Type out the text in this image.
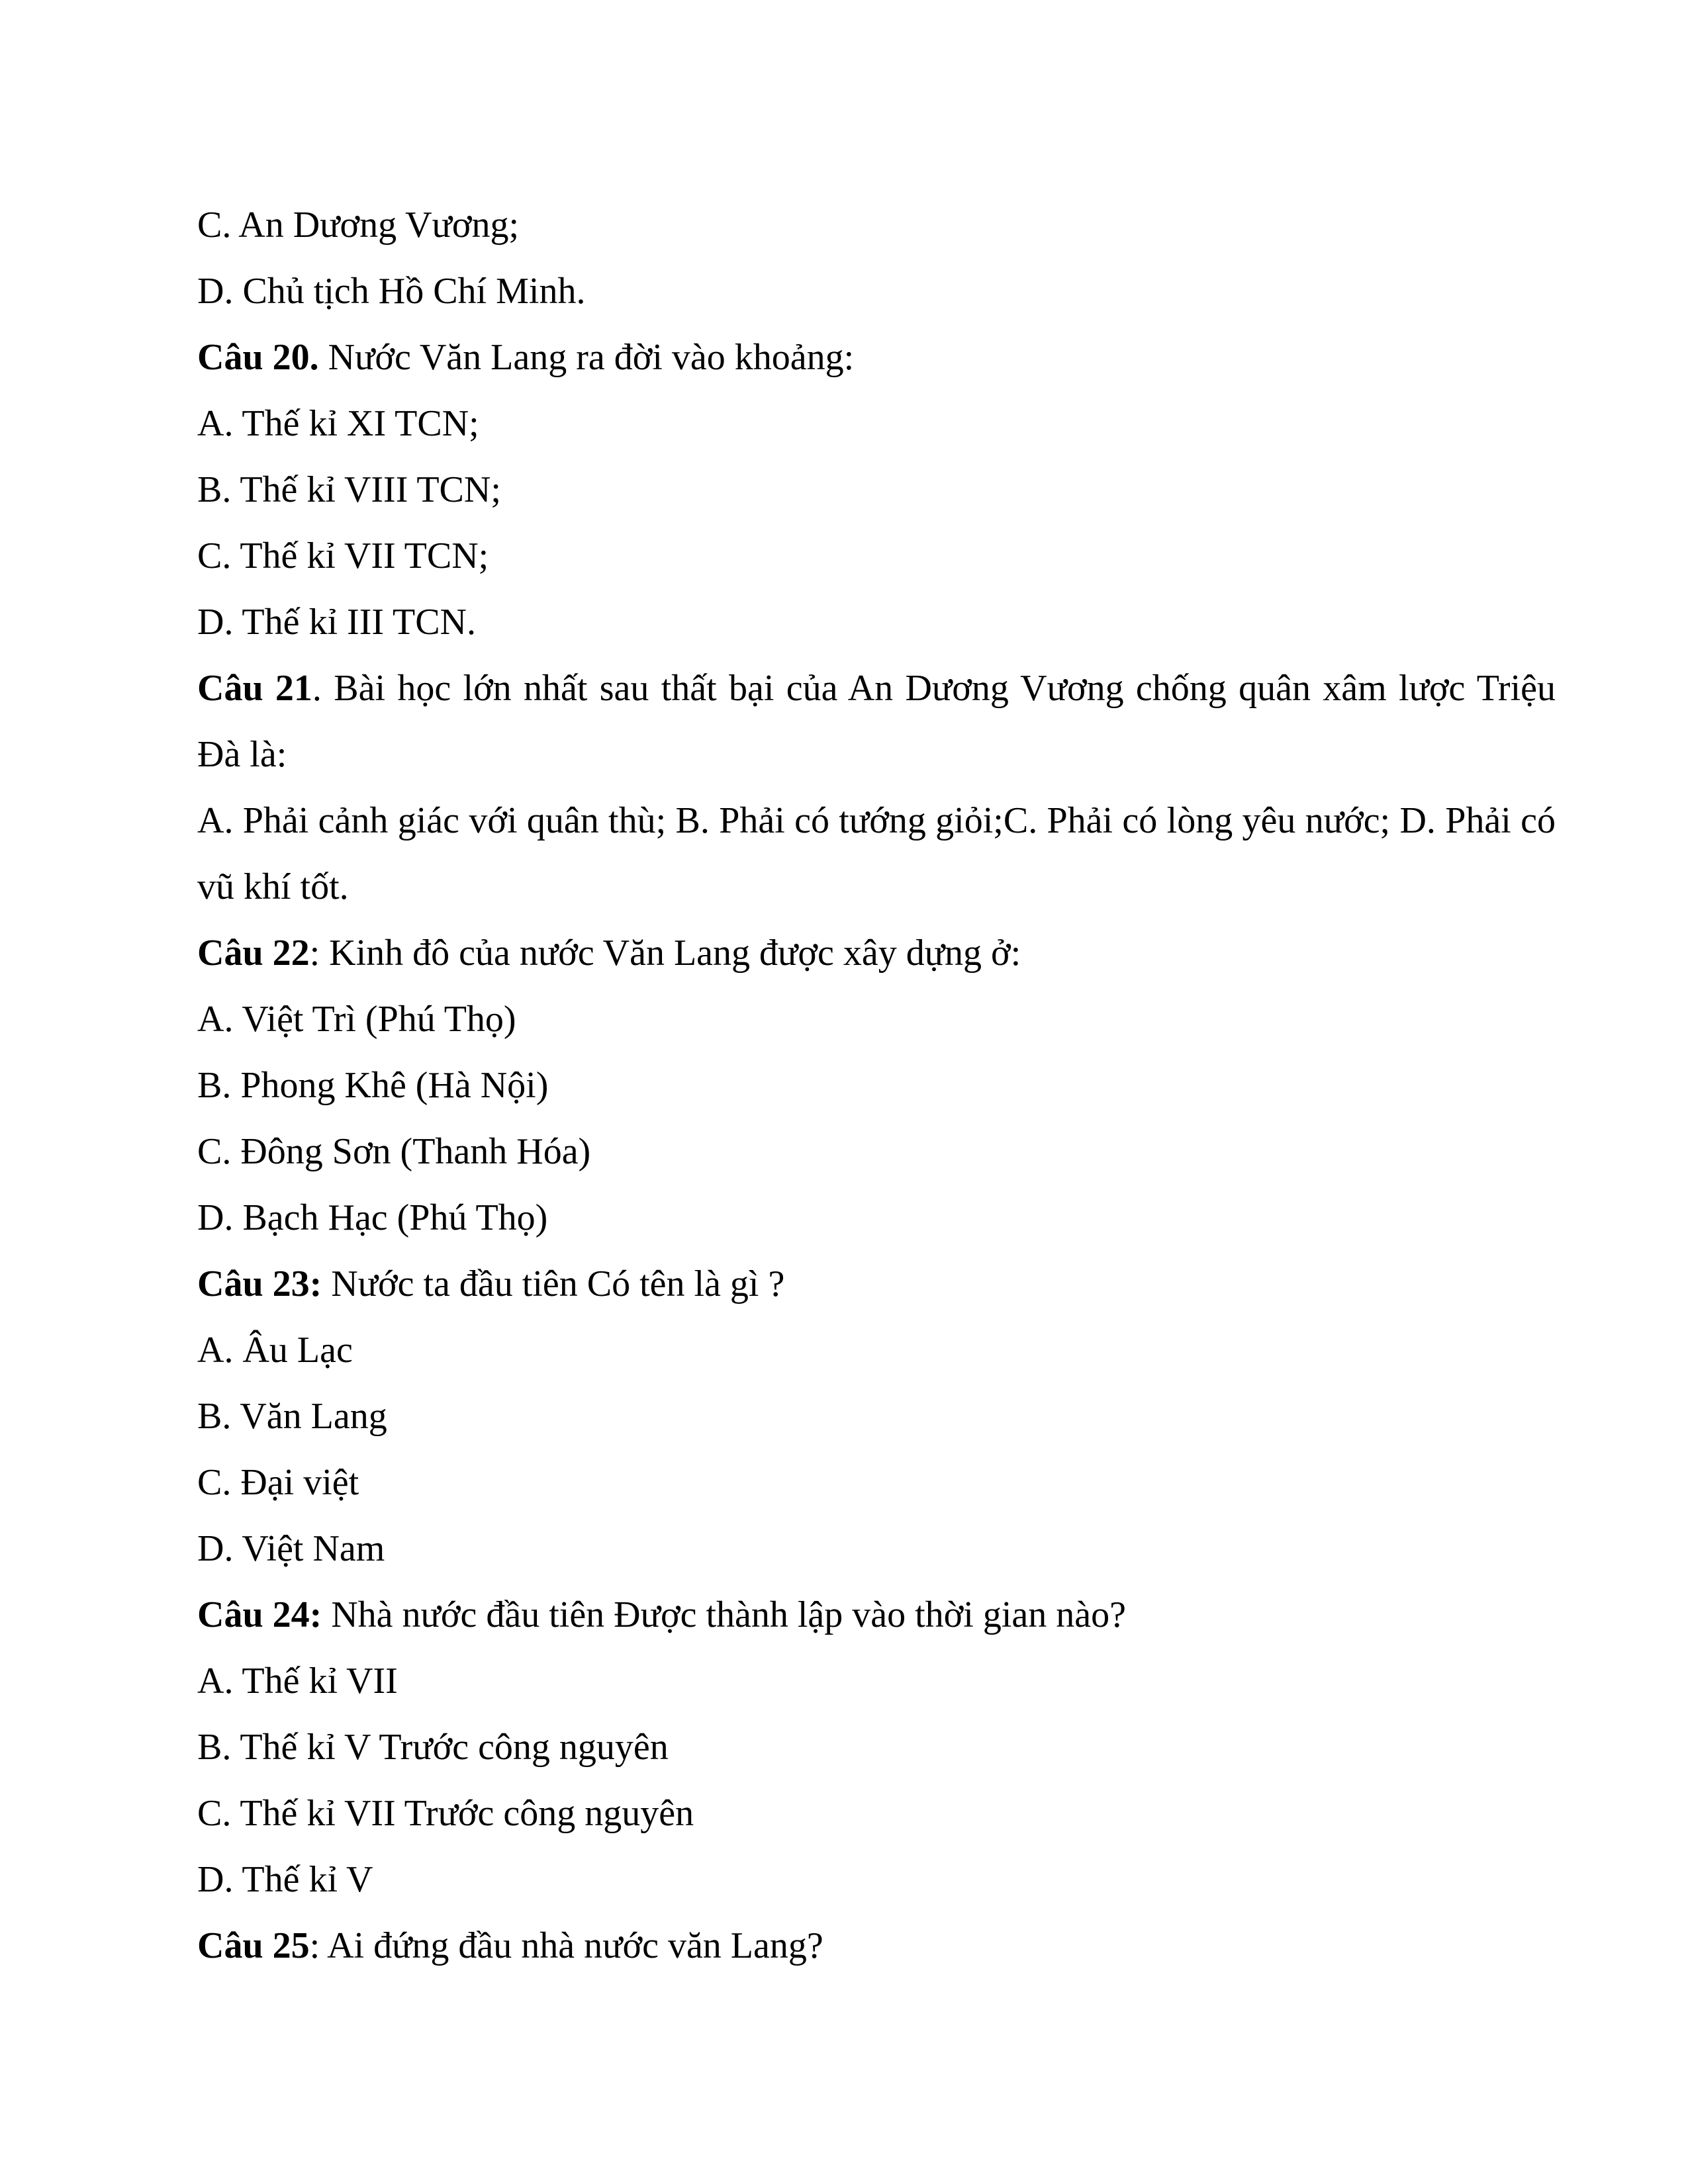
C. An Dương Vương;
D. Chủ tịch Hồ Chí Minh.
Câu 20. Nước Văn Lang ra đời vào khoảng:
A. Thế kỉ XI TCN;
B. Thế kỉ VIII TCN;
C. Thế kỉ VII TCN;
D. Thế kỉ III TCN.
Câu 21. Bài học lớn nhất sau thất bại của An Dương Vương chống quân xâm lược Triệu Đà là:
A. Phải cảnh giác với quân thù; B. Phải có tướng giỏi;C. Phải có lòng yêu nước; D. Phải có vũ khí tốt.
Câu 22: Kinh đô của nước Văn Lang được xây dựng ở:
A. Việt Trì (Phú Thọ)
B. Phong Khê (Hà Nội)
C. Đông Sơn (Thanh Hóa)
D. Bạch Hạc (Phú Thọ)
Câu 23: Nước ta đầu tiên Có tên là gì ?
A. Âu Lạc
B. Văn Lang
C. Đại việt
D. Việt Nam
Câu 24: Nhà nước đầu tiên Được thành lập vào thời gian nào?
A. Thế kỉ VII
B. Thế kỉ V Trước công nguyên
C. Thế kỉ VII Trước công nguyên
D. Thế kỉ V
Câu 25: Ai đứng đầu nhà nước văn Lang?
